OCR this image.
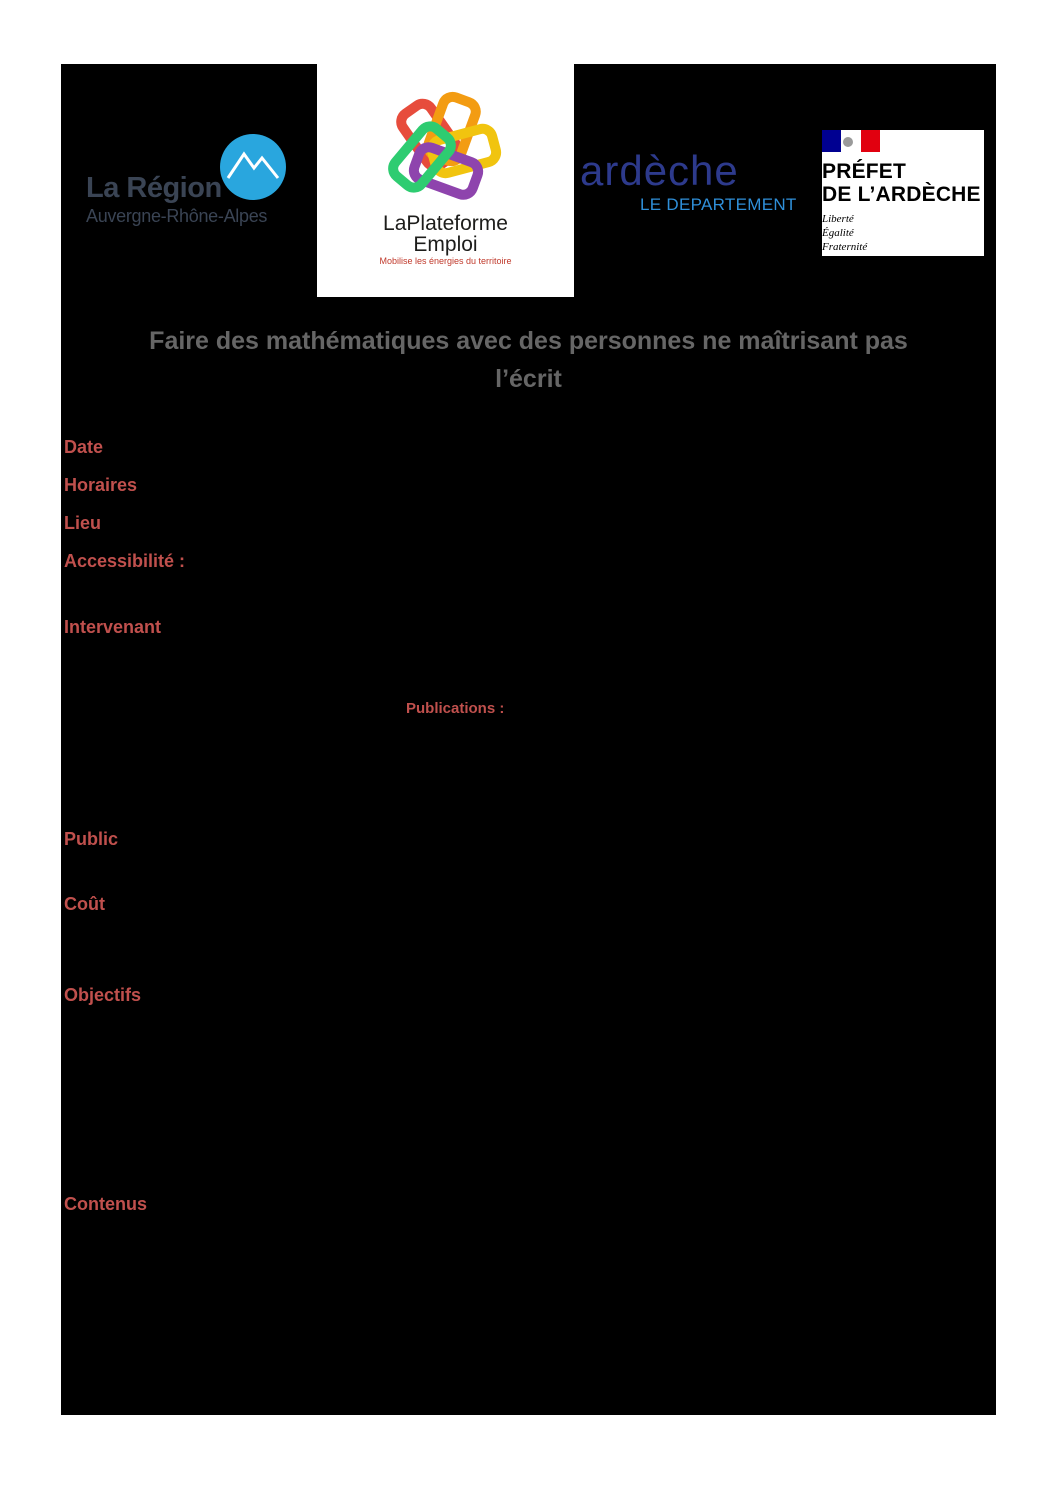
La Région
Auvergne-Rhône-Alpes	LaPlateforme
Emploi
Mobilise les énergies du territoire
ardèche
LE DEPARTEMENT
PRÉFET
DE L’ARDÈCHE
Liberté
Égalité
Fraternité
Faire des mathématiques avec des personnes ne maîtrisant pas
l’écrit
Date
Horaires
Lieu
Accessibilité :
Intervenant
Publications :
Public
Coût
Objectifs
Contenus
